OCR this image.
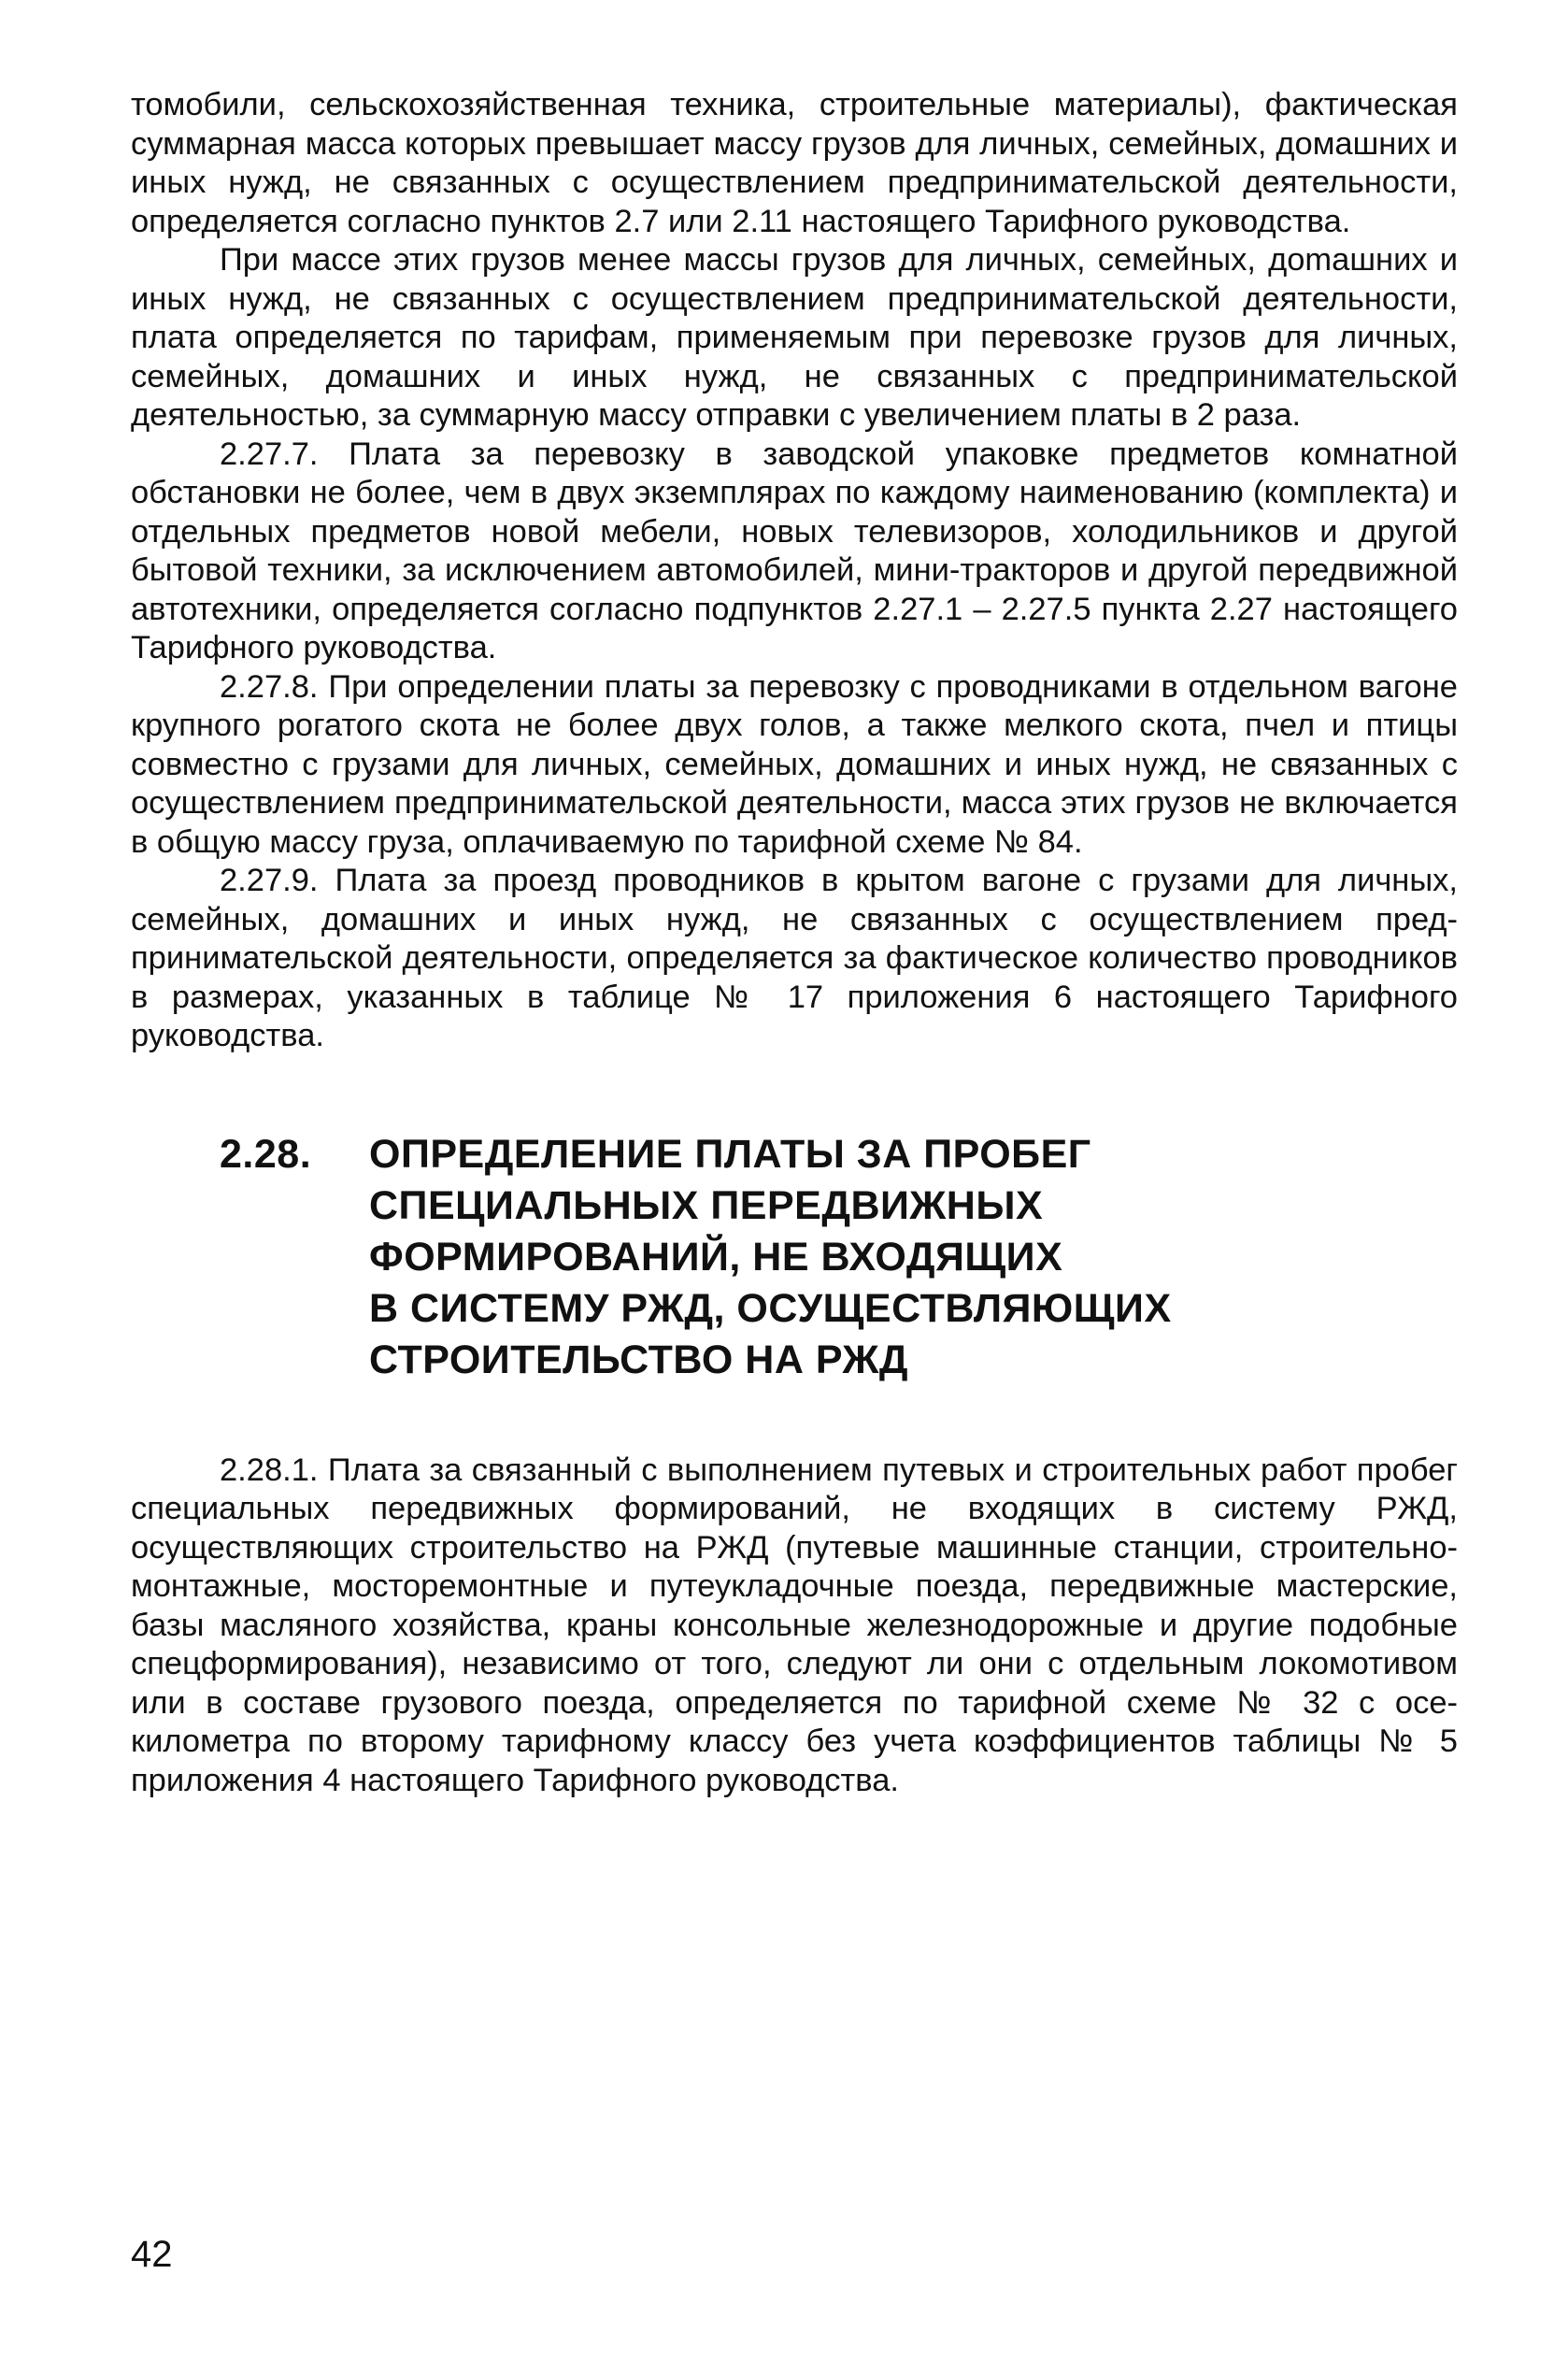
томобили, сельскохозяйственная техника, строительные материалы), фактическая суммарная масса которых превышает массу грузов для личных, семейных, домашних и иных нужд, не связанных с осуществлением предпринимательской деятельности, определяется согласно пунктов 2.7 или 2.11 настоящего Тарифного руководства.

При массе этих грузов менее массы грузов для личных, семейных, доmашних и иных нужд, не связанных с осуществлением предпринимательской деятельности, плата определяется по тарифам, применяемым при перевозке грузов для личных, семейных, домашних и иных нужд, не связанных с предпринимательской деятельностью, за суммарную массу отправки с увеличением платы в 2 раза.

2.27.7. Плата за перевозку в заводской упаковке предметов комнатной обстановки не более, чем в двух экземплярах по каждому наименованию (комплекта) и отдельных предметов новой мебели, новых телевизоров, холодильников и другой бытовой техники, за исключением автомобилей, мини-тракторов и другой передвижной автотехники, определяется согласно подпунктов 2.27.1 – 2.27.5 пункта 2.27 настоящего Тарифного руководства.

2.27.8. При определении платы за перевозку с проводниками в отдельном вагоне крупного рогатого скота не более двух голов, а также мелкого скота, пчел и птицы совместно с грузами для личных, семейных, домашних и иных нужд, не связанных с осуществлением предпринимательской деятельности, масса этих грузов не включается в общую массу груза, оплачиваемую по тарифной схеме № 84.

2.27.9. Плата за проезд проводников в крытом вагоне с грузами для личных, семейных, домашних и иных нужд, не связанных с осуществлением предпринимательской деятельности, определяется за фактическое количество проводников в размерах, указанных в таблице № 17 приложения 6 настоящего Тарифного руководства.

2.28.	ОПРЕДЕЛЕНИЕ ПЛАТЫ ЗА ПРОБЕГ
СПЕЦИАЛЬНЫХ ПЕРЕДВИЖНЫХ
ФОРМИРОВАНИЙ, НЕ ВХОДЯЩИХ
В СИСТЕМУ РЖД, ОСУЩЕСТВЛЯЮЩИХ
СТРОИТЕЛЬСТВО НА РЖД

2.28.1. Плата за связанный с выполнением путевых и строительных работ пробег специальных передвижных формирований, не входящих в систему РЖД, осуществляющих строительство на РЖД (путевые машинные станции, строительно-монтажные, мосторемонтные и путеукладочные поезда, передвижные мастерские, базы масляного хозяйства, краны консольные железнодорожные и другие подобные спецформирования), независимо от того, следуют ли они с отдельным локомотивом или в составе грузового поезда, определяется по тарифной схеме № 32 с осе-километра по второму тарифному классу без учета коэффициентов таблицы № 5 приложения 4 настоящего Тарифного руководства.

42
